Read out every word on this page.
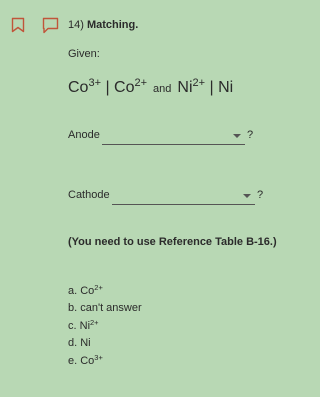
14) Matching.
Given:
$Co^{3+}$ | $Co^{2+}$ and $Ni^{2+}$ | Ni
Anode	?
Cathode	?
(You need to use Reference Table B-16.)
a. $Co^{2+}$
b. can't answer
c. $Ni^{2+}$
d. Ni
e. $Co^{3+}$
